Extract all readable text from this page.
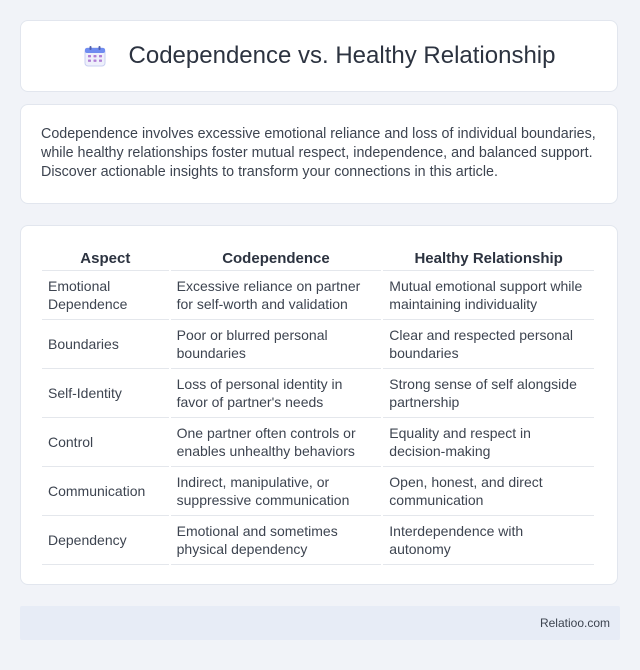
Codependence vs. Healthy Relationship

Codependence involves excessive emotional reliance and loss of individual boundaries, while healthy relationships foster mutual respect, independence, and balanced support. Discover actionable insights to transform your connections in this article.

Aspect	Codependence	Healthy Relationship
Emotional Dependence	Excessive reliance on partner for self-worth and validation	Mutual emotional support while maintaining individuality
Boundaries	Poor or blurred personal boundaries	Clear and respected personal boundaries
Self-Identity	Loss of personal identity in favor of partner's needs	Strong sense of self alongside partnership
Control	One partner often controls or enables unhealthy behaviors	Equality and respect in decision-making
Communication	Indirect, manipulative, or suppressive communication	Open, honest, and direct communication
Dependency	Emotional and sometimes physical dependency	Interdependence with autonomy
Relatioo.com
